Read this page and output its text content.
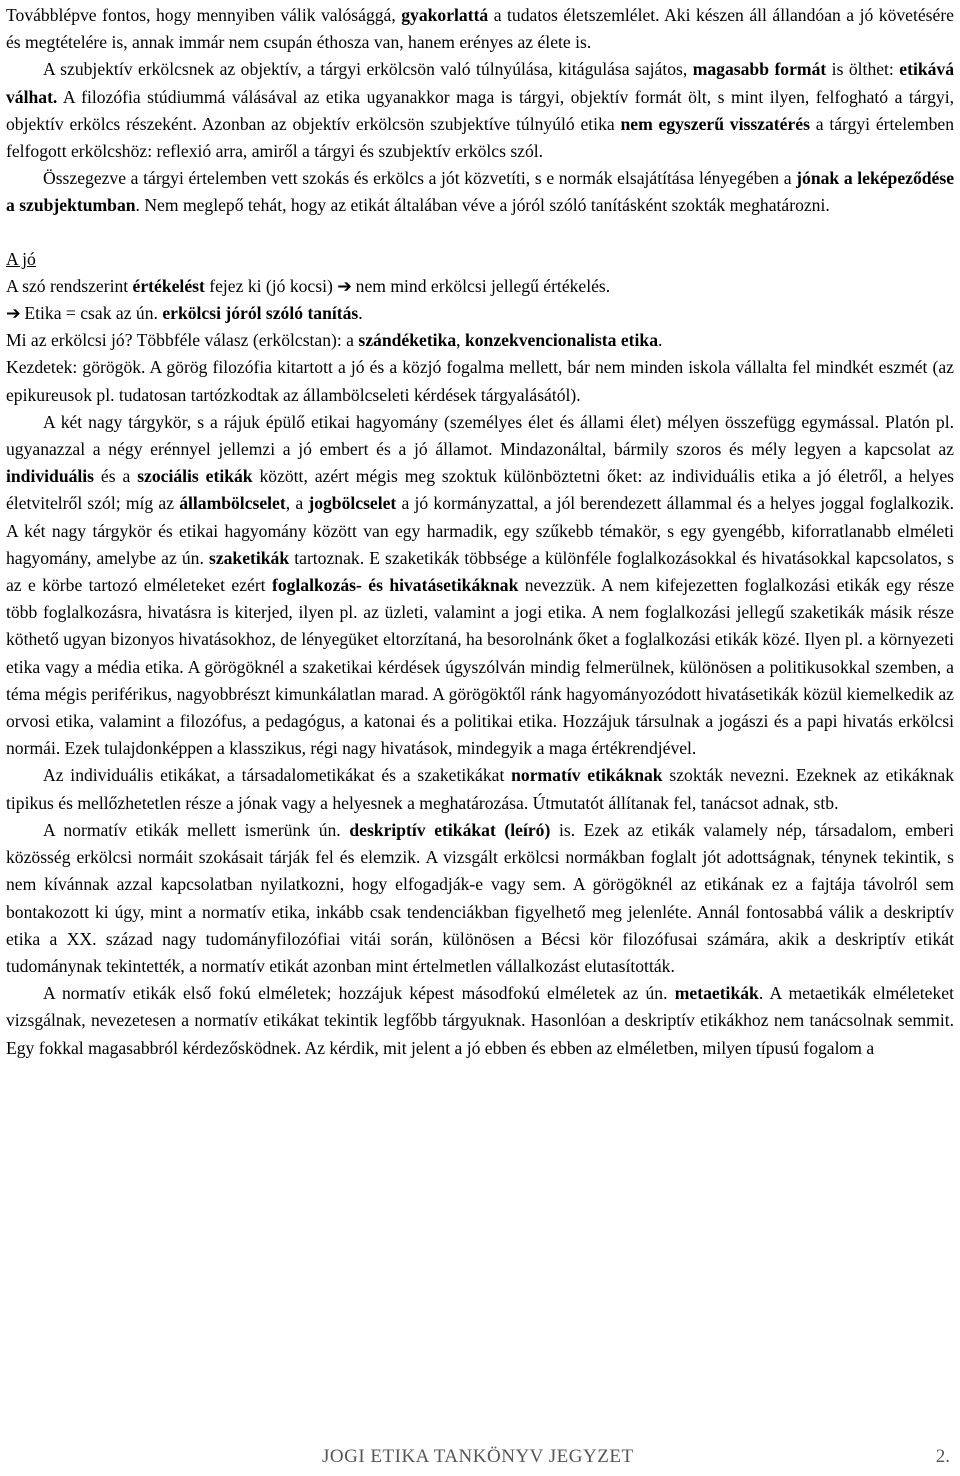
Továbblépve fontos, hogy mennyiben válik valósággá, gyakorlattá a tudatos életszemlélet. Aki készen áll állandóan a jó követésére és megtételére is, annak immár nem csupán éthosza van, hanem erényes az élete is.

A szubjektív erkölcsnek az objektív, a tárgyi erkölcsön való túlnyúlása, kitágulása sajátos, magasabb formát is ölthet: etikává válhat. A filozófia stúdiummá válásával az etika ugyanakkor maga is tárgyi, objektív formát ölt, s mint ilyen, felfogható a tárgyi, objektív erkölcs részeként. Azonban az objektív erkölcsön szubjektíve túlnyúló etika nem egyszerű visszatérés a tárgyi értelemben felfogott erkölcshöz: reflexió arra, amiről a tárgyi és szubjektív erkölcs szól.

Összegezve a tárgyi értelemben vett szokás és erkölcs a jót közvetíti, s e normák elsajátítása lényegében a jónak a leképeződése a szubjektumban. Nem meglepő tehát, hogy az etikát általában véve a jóról szóló tanításként szokták meghatározni.

A jó

A szó rendszerint értékelést fejez ki (jó kocsi) ➔ nem mind erkölcsi jellegű értékelés.

➔ Etika = csak az ún. erkölcsi jóról szóló tanítás.

Mi az erkölcsi jó? Többféle válasz (erkölcstan): a szándéketika, konzekvencionalista etika.

Kezdetek: görögök. A görög filozófia kitartott a jó és a közjó fogalma mellett, bár nem minden iskola vállalta fel mindkét eszmét (az epikureusok pl. tudatosan tartózkodtak az állambölcseleti kérdések tárgyalásától).

A két nagy tárgykör, s a rájuk épülő etikai hagyomány (személyes élet és állami élet) mélyen összefügg egymással. Platón pl. ugyanazzal a négy erénnyel jellemzi a jó embert és a jó államot. Mindazonáltal, bármily szoros és mély legyen a kapcsolat az individuális és a szociális etikák között, azért mégis meg szoktuk különböztetni őket: az individuális etika a jó életről, a helyes életvitelről szól; míg az állambölcselet, a jogbölcselet a jó kormányzattal, a jól berendezett állammal és a helyes joggal foglalkozik. A két nagy tárgykör és etikai hagyomány között van egy harmadik, egy szűkebb témakör, s egy gyengébb, kiforratlanabb elméleti hagyomány, amelybe az ún. szaketikák tartoznak. E szaketikák többsége a különféle foglalkozásokkal és hivatásokkal kapcsolatos, s az e körbe tartozó elméleteket ezért foglalkozás- és hivatásetikáknak nevezzük. A nem kifejezetten foglalkozási etikák egy része több foglalkozásra, hivatásra is kiterjed, ilyen pl. az üzleti, valamint a jogi etika. A nem foglalkozási jellegű szaketikák másik része köthető ugyan bizonyos hivatásokhoz, de lényegüket eltorzítaná, ha besorolnánk őket a foglalkozási etikák közé. Ilyen pl. a környezeti etika vagy a média etika. A görögöknél a szaketikai kérdések úgyszólván mindig felmerülnek, különösen a politikusokkal szemben, a téma mégis periférikus, nagyobbrészt kimunkálatlan marad. A görögöktől ránk hagyományozódott hivatásetikák közül kiemelkedik az orvosi etika, valamint a filozófus, a pedagógus, a katonai és a politikai etika. Hozzájuk társulnak a jogászi és a papi hivatás erkölcsi normái. Ezek tulajdonképpen a klasszikus, régi nagy hivatások, mindegyik a maga értékrendjével.

Az individuális etikákat, a társadalometikákat és a szaketikákat normatív etikáknak szokták nevezni. Ezeknek az etikáknak tipikus és mellőzhetetlen része a jónak vagy a helyesnek a meghatározása. Útmutatót állítanak fel, tanácsot adnak, stb.

A normatív etikák mellett ismerünk ún. deskriptív etikákat (leíró) is. Ezek az etikák valamely nép, társadalom, emberi közösség erkölcsi normáit szokásait tárják fel és elemzik. A vizsgált erkölcsi normákban foglalt jót adottságnak, ténynek tekintik, s nem kívánnak azzal kapcsolatban nyilatkozni, hogy elfogadják-e vagy sem. A görögöknél az etikának ez a fajtája távolról sem bontakozott ki úgy, mint a normatív etika, inkább csak tendenciákban figyelhető meg jelenléte. Annál fontosabbá válik a deskriptív etika a XX. század nagy tudományfilozófiai vitái során, különösen a Bécsi kör filozófusai számára, akik a deskriptív etikát tudománynak tekintették, a normatív etikát azonban mint értelmetlen vállalkozást elutasították.

A normatív etikák első fokú elméletek; hozzájuk képest másodfokú elméletek az ún. metaetikák. A metaetikák elméleteket vizsgálnak, nevezetesen a normatív etikákat tekintik legfőbb tárgyuknak. Hasonlóan a deskriptív etikákhoz nem tanácsolnak semmit. Egy fokkal magasabbról kérdezősködnek. Az kérdik, mit jelent a jó ebben és ebben az elméletben, milyen típusú fogalom a

JOGI ETIKA TANKÖNYV JEGYZET	2.
